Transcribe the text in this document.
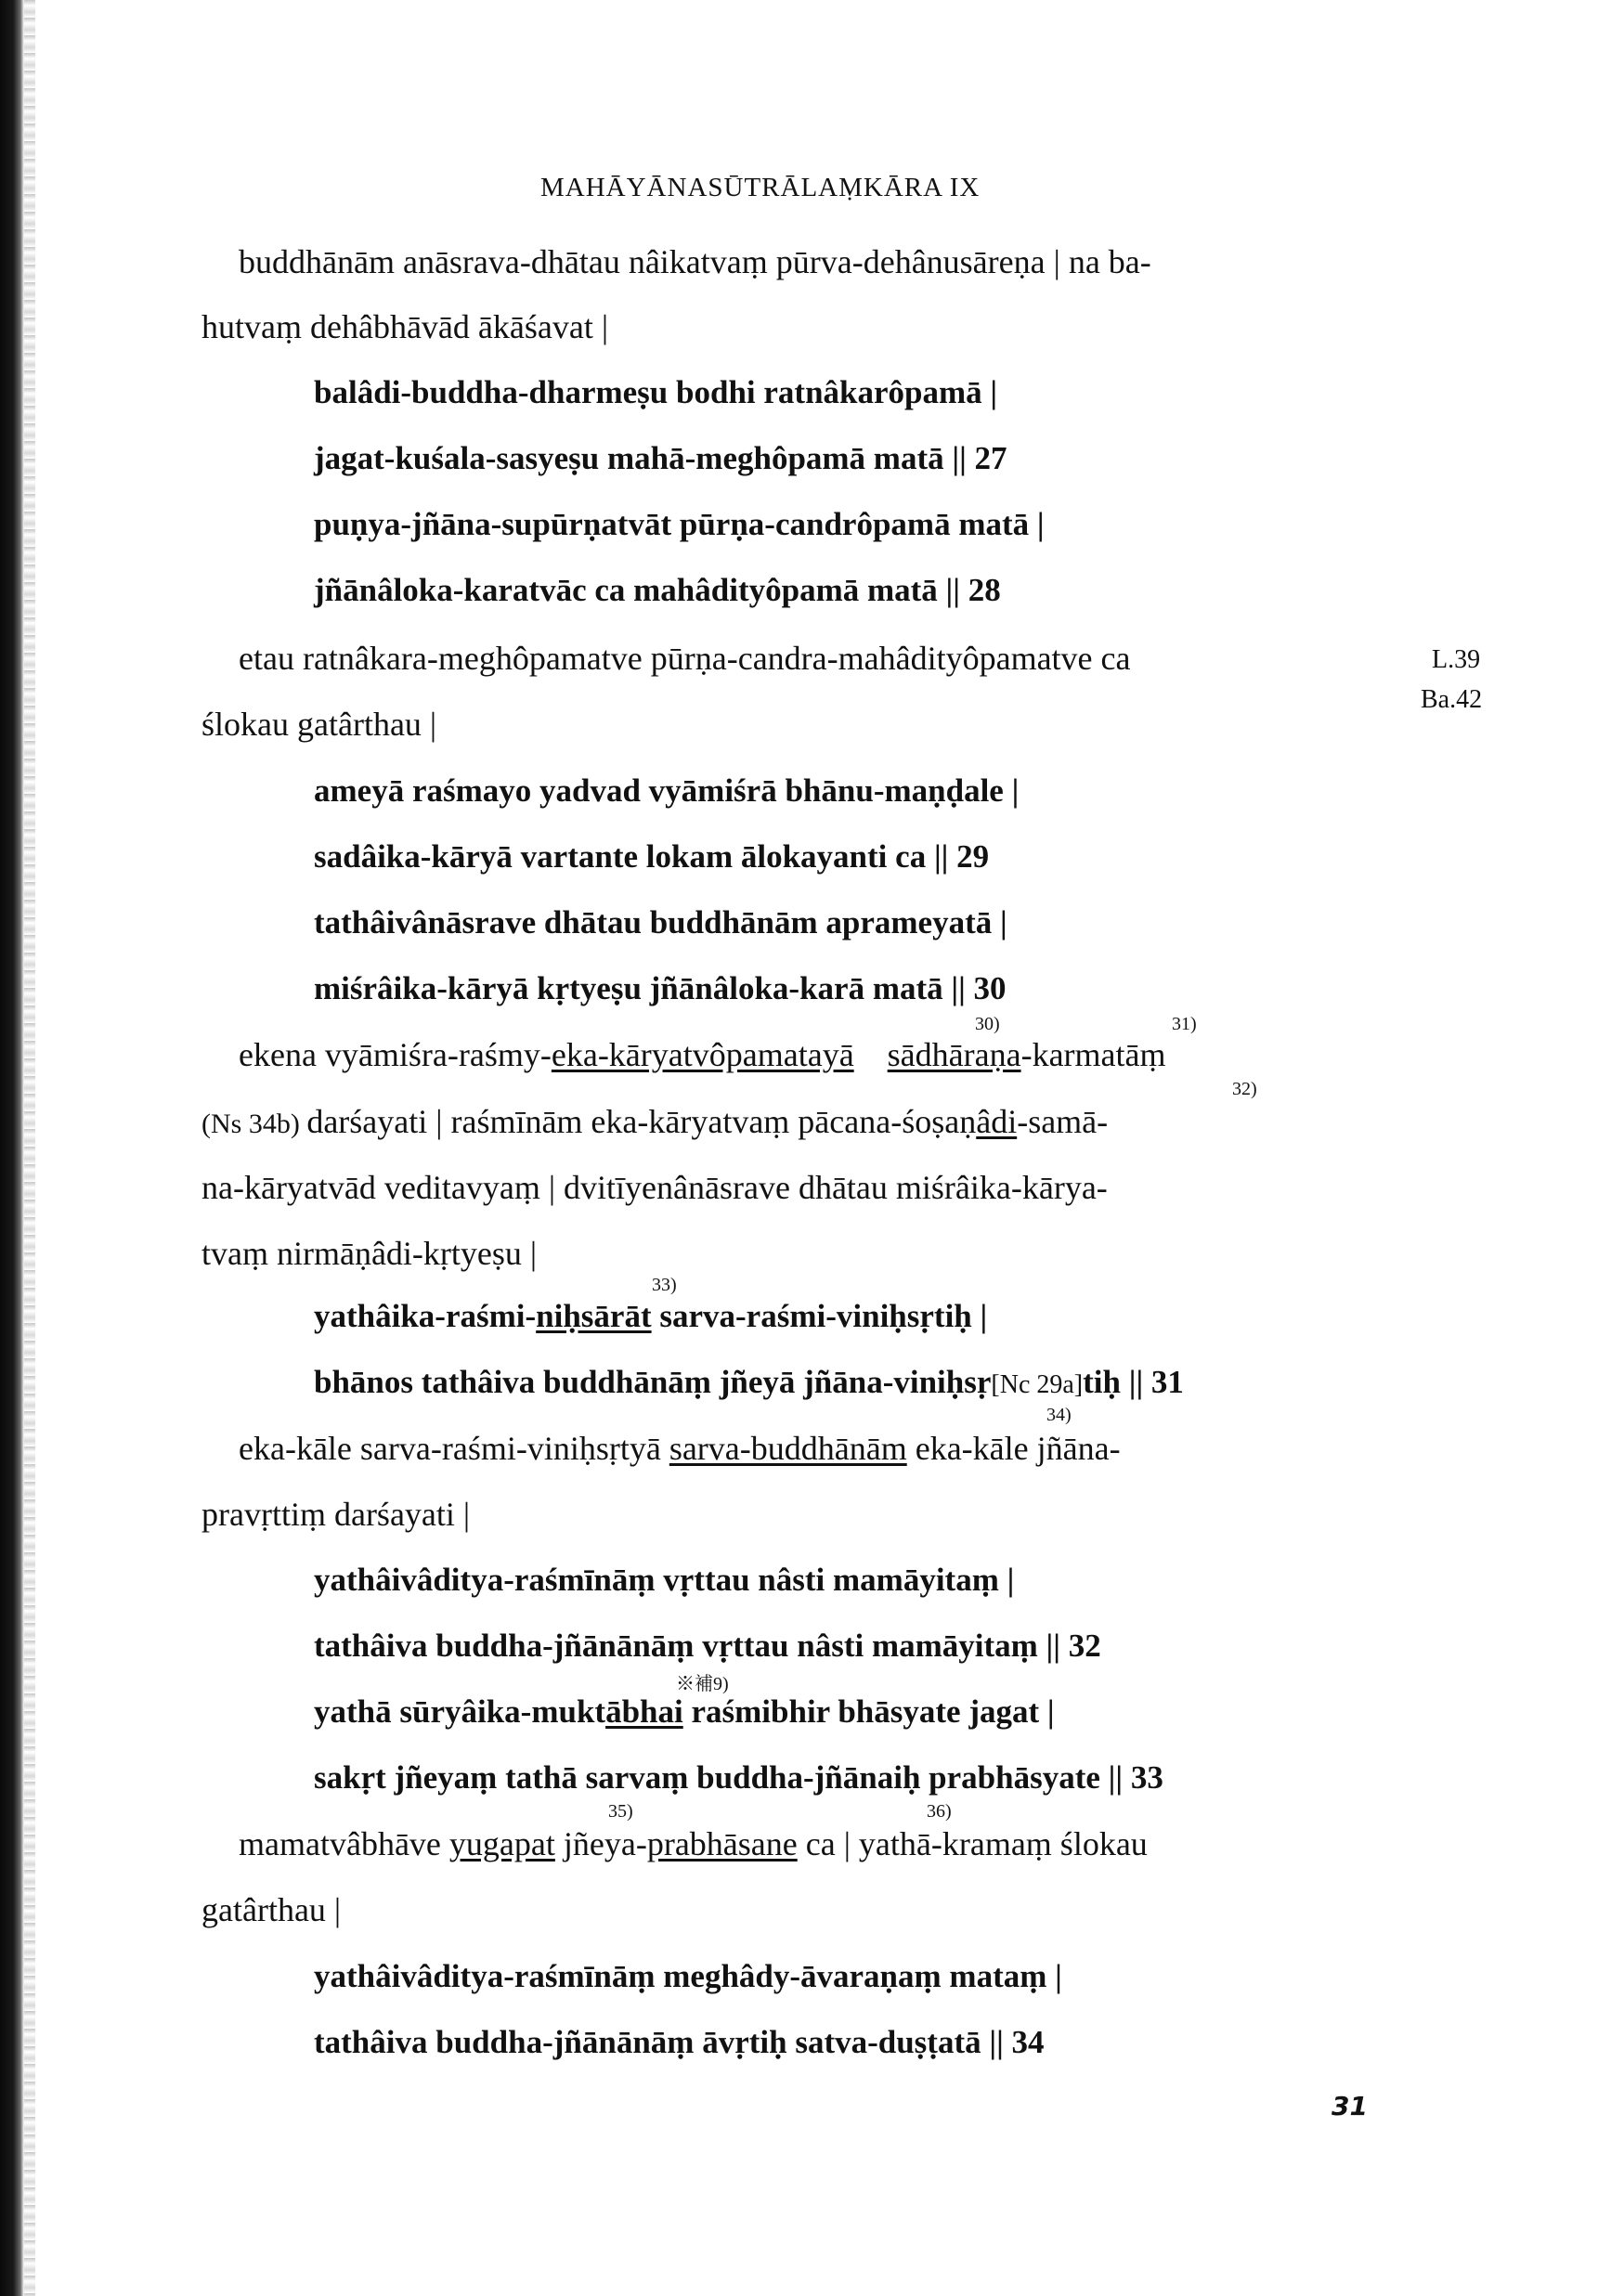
MAHĀYĀNASŪTRĀLAṂKĀRA IX
L.39
Ba.42
buddhānām anāsrava-dhātau nâikatvaṃ pūrva-dehânusāreṇa | na ba-
hutvaṃ dehâbhāvād ākāśavat |
balâdi-buddha-dharmeṣu bodhi ratnâkarôpamā |
jagat-kuśala-sasyeṣu mahā-meghôpamā matā || 27
puṇya-jñāna-supūrṇatvāt pūrṇa-candrôpamā matā |
jñānâloka-karatvāc ca mahâdityôpamā matā || 28
etau ratnâkara-meghôpamatve pūrṇa-candra-mahâdityôpamatve ca
ślokau gatârthau |
ameyā raśmayo yadvad vyāmiśrā bhānu-maṇḍale |
sadâika-kāryā vartante lokam ālokayanti ca || 29
tathâivânāsrave dhātau buddhānām aprameyatā |
miśrâika-kāryā kṛtyeṣu jñānâloka-karā matā || 30
30)	31)
ekena vyāmiśra-raśmy-eka-kāryatvôpamatayā sādhāraṇa-karmatāṃ
32)
(Ns 34b) darśayati | raśmīnām eka-kāryatvaṃ pācana-śoṣaṇâdi-samā-
na-kāryatvād veditavyaṃ | dvitīyenânāsrave dhātau miśrâika-kārya-
tvaṃ nirmāṇâdi-kṛtyeṣu |
33)
yathâika-raśmi-niḥsārāt sarva-raśmi-viniḥsṛtiḥ |
bhānos tathâiva buddhānāṃ jñeyā jñāna-viniḥsṛ[Nc 29a]tiḥ || 31
34)
eka-kāle sarva-raśmi-viniḥsṛtyā sarva-buddhānām eka-kāle jñāna-
pravṛttiṃ darśayati |
yathâivâditya-raśmīnāṃ vṛttau nâsti mamāyitaṃ |
tathâiva buddha-jñānānāṃ vṛttau nâsti mamāyitaṃ || 32
※補9)
yathā sūryâika-muktābhai raśmibhir bhāsyate jagat |
sakṛt jñeyaṃ tathā sarvaṃ buddha-jñānaiḥ prabhāsyate || 33
35)	36)
mamatvâbhāve yugapat jñeya-prabhāsane ca | yathā-kramaṃ ślokau
gatârthau |
yathâivâditya-raśmīnāṃ meghâdy-āvaraṇaṃ mataṃ |
tathâiva buddha-jñānānāṃ āvṛtiḥ satva-duṣṭatā || 34
31
